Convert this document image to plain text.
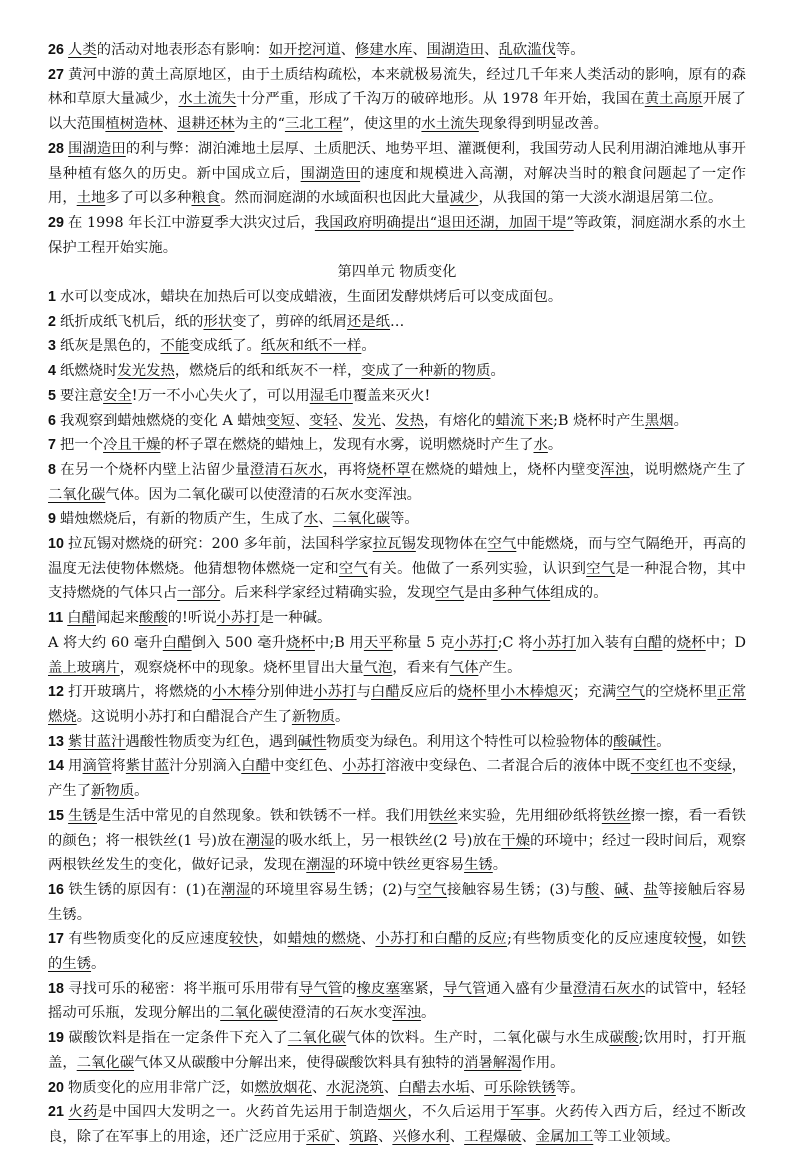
26 人类的活动对地表形态有影响：如开挖河道、修建水库、围湖造田、乱砍滥伐等。

27 黄河中游的黄土高原地区，由于土质结构疏松，本来就极易流失，经过几千年来人类活动的影响，原有的森林和草原大量减少，水土流失十分严重，形成了千沟万的破碎地形。从 1978 年开始，我国在黄土高原开展了以大范围植树造林、退耕还林为主的“三北工程”，使这里的水土流失现象得到明显改善。

28 围湖造田的利与弊：湖泊滩地土层厚、土质肥沃、地势平坦、灌溉便利，我国劳动人民利用湖泊滩地从事开垦种植有悠久的历史。新中国成立后，围湖造田的速度和规模进入高潮，对解决当时的粮食问题起了一定作用，土地多了可以多种粮食。然而洞庭湖的水域面积也因此大量减少，从我国的第一大淡水湖退居第二位。

29 在 1998 年长江中游夏季大洪灾过后，我国政府明确提出“退田还湖，加固干堤”等政策，洞庭湖水系的水土保护工程开始实施。

第四单元 物质变化

1 水可以变成冰，蜡块在加热后可以变成蜡液，生面团发酵烘烤后可以变成面包。

2 纸折成纸飞机后，纸的形状变了，剪碎的纸屑还是纸…

3 纸灰是黑色的，不能变成纸了。纸灰和纸不一样。

4 纸燃烧时发光发热，燃烧后的纸和纸灰不一样，变成了一种新的物质。

5 要注意安全!万一不小心失火了，可以用湿毛巾覆盖来灭火!

6 我观察到蜡烛燃烧的变化 A 蜡烛变短、变轻、发光、发热，有熔化的蜡流下来;B 烧杯时产生黑烟。

7 把一个冷且干燥的杯子罩在燃烧的蜡烛上，发现有水雾，说明燃烧时产生了水。

8 在另一个烧杯内壁上沾留少量澄清石灰水，再将烧杯罩在燃烧的蜡烛上，烧杯内壁变浑浊，说明燃烧产生了二氧化碳气体。因为二氧化碳可以使澄清的石灰水变浑浊。

9 蜡烛燃烧后，有新的物质产生，生成了水、二氧化碳等。

10 拉瓦锡对燃烧的研究：200 多年前，法国科学家拉瓦锡发现物体在空气中能燃烧，而与空气隔绝开，再高的温度无法使物体燃烧。他猜想物体燃烧一定和空气有关。他做了一系列实验，认识到空气是一种混合物，其中支持燃烧的气体只占一部分。后来科学家经过精确实验，发现空气是由多种气体组成的。

11 白醋闻起来酸酸的!听说小苏打是一种碱。

A 将大约 60 毫升白醋倒入 500 毫升烧杯中;B 用天平称量 5 克小苏打;C 将小苏打加入装有白醋的烧杯中；D 盖上玻璃片，观察烧杯中的现象。烧杯里冒出大量气泡，看来有气体产生。

12 打开玻璃片，将燃烧的小木棒分别伸进小苏打与白醋反应后的烧杯里小木棒熄灭；充满空气的空烧杯里正常燃烧。这说明小苏打和白醋混合产生了新物质。

13 紫甘蓝汁遇酸性物质变为红色，遇到碱性物质变为绿色。利用这个特性可以检验物体的酸碱性。

14 用滴管将紫甘蓝汁分别滴入白醋中变红色、小苏打溶液中变绿色、二者混合后的液体中既不变红也不变绿，产生了新物质。

15 生锈是生活中常见的自然现象。铁和铁锈不一样。我们用铁丝来实验，先用细砂纸将铁丝擦一擦，看一看铁的颜色；将一根铁丝(1 号)放在潮湿的吸水纸上，另一根铁丝(2 号)放在干燥的环境中；经过一段时间后，观察两根铁丝发生的变化，做好记录，发现在潮湿的环境中铁丝更容易生锈。

16 铁生锈的原因有：(1)在潮湿的环境里容易生锈；(2)与空气接触容易生锈；(3)与酸、碱、盐等接触后容易生锈。

17 有些物质变化的反应速度较快，如蜡烛的燃烧、小苏打和白醋的反应;有些物质变化的反应速度较慢，如铁的生锈。

18 寻找可乐的秘密：将半瓶可乐用带有导气管的橡皮塞塞紧，导气管通入盛有少量澄清石灰水的试管中，轻轻摇动可乐瓶，发现分解出的二氧化碳使澄清的石灰水变浑浊。

19 碳酸饮料是指在一定条件下充入了二氧化碳气体的饮料。生产时，二氧化碳与水生成碳酸;饮用时，打开瓶盖，二氧化碳气体又从碳酸中分解出来，使得碳酸饮料具有独特的消暑解渴作用。

20 物质变化的应用非常广泛，如燃放烟花、水泥浇筑、白醋去水垢、可乐除铁锈等。

21 火药是中国四大发明之一。火药首先运用于制造烟火，不久后运用于军事。火药传入西方后，经过不断改良，除了在军事上的用途，还广泛应用于采矿、筑路、兴修水利、工程爆破、金属加工等工业领域。
